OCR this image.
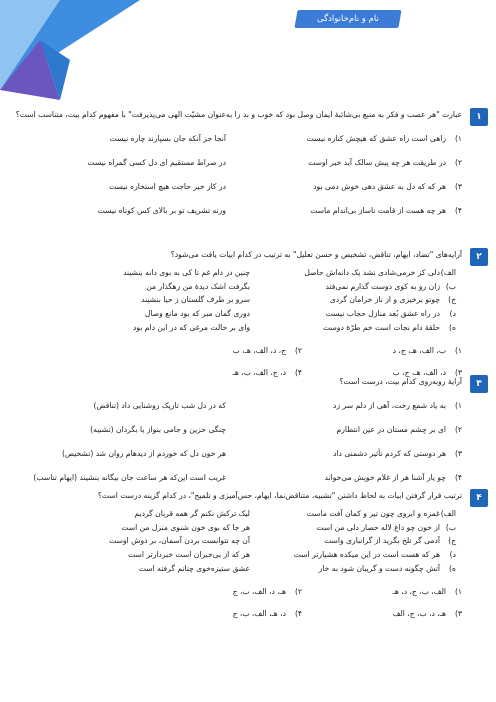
نام و نام‌خانوادگی
۱
عبارت "هر عصب و فکر به منبع بی‌شائبۀ ایمان وصل بود که خوب و بد را به‌عنوان مشیّت الهی می‌پذیرفت" با مفهوم کدام بیت، متناسب است؟
۱)
راهی است راه عشق که هیچش کناره نیست
آنجا جز آنکه جان بسپارند چاره نیست
۲)
در طریقت هر چه پیش سالک آید خیر اوست
در صراط مستقیم ای دل کسی گمراه نیست
۳)
هر که که دل به عشق دهی خوش دمی بود
در کار خیر حاجت هیچ استخاره نیست
۴)
هر چه هست از قامت ناساز بی‌اندام ماست
ورنه تشریف تو بر بالای کس کوتاه نیست
۲
آرایه‌های "تضاد، ایهام، تناقض، تشخیص و حسن تعلیل" به ترتیب در کدام ابیات یافت می‌شود؟
الف)
دلی کز خرمی‌شادی نشد یک دانه‌اش حاصل
چنین در دام غم تا کی به بوی دانه بنشیند
ب)
زان رو به کوی دوست گذارم نمی‌فتد
بگرفت اشک دیدهٔ من رهگذار من
ج)
چوتو برخیزی و از ناز خرامان گردی
سرو بر طرف گلستان ز حیا بنشیند
د)
در راه عشق بُعد منازل حجاب نیست
دوری گمان مبر که بود مانع وصال
ه)
حلقۀ دام نجات است خم طرّۀ دوست
وای بر حالت مرغی که در این دام بود
۱)
ب، الف، هـ، ج، د
۲)
ج، د، الف، هـ، ب
۳)
د، الف، هـ، ج، ب
۴)
د، ج، الف، ب، هـ
۳
آرایۀ روبه‌روی کدام بیت، درست است؟
۱)
به یاد شمع رخت، آهی از دلم سر زد
که در دل شب تاریک روشنایی داد (تناقض)
۲)
ای بر چشم مستان در عین انتظارم
چنگی حزین و جامی بنواز یا بگردان (تشبیه)
۳)
هر دوستی که کردم تأثیر دشمنی داد
هر خون دل که خوردم از دیدهام روان شد (تشخیص)
۴)
چو یار آشنا هر از غلام خویش می‌خواند
غریب است این‌که هر ساعت جان بیگانه بنشیند (ایهام تناسب)
۴
ترتیب قرار گرفتن ابیات به لحاظ داشتن "تشبیه، متناقض‌نما، ایهام، حس‌آمیزی و تلمیح"، در کدام گزینه درست است؟
الف)
غمزه و ابروی چون تیر و کمان آفت ماست
لیک ترکش نکنم گر همه قربان گردیم
ب)
از خون چو داغ لاله حصار دلی من است
هر جا که بوی خون شنوی منزل من است
ج)
آدمی گر تلخ بگرید از گرانباری واست
آن چه نتوانست بردن آسمان، بر دوش اوست
د)
هر که هست است در این میکده هشیارتر است
هر که از بی‌خبران است خبردارتر است
ه)
آتش چگونه دست و گریبان شود به خار
عشق ستیزه‌خوی چنانم گرفته است
۱)
الف، ب، ج، د، هـ
۲)
هـ، د، الف، ب، ج
۳)
هـ، د، ب، ج، الف
۴)
د، هـ، الف، ب، ج
